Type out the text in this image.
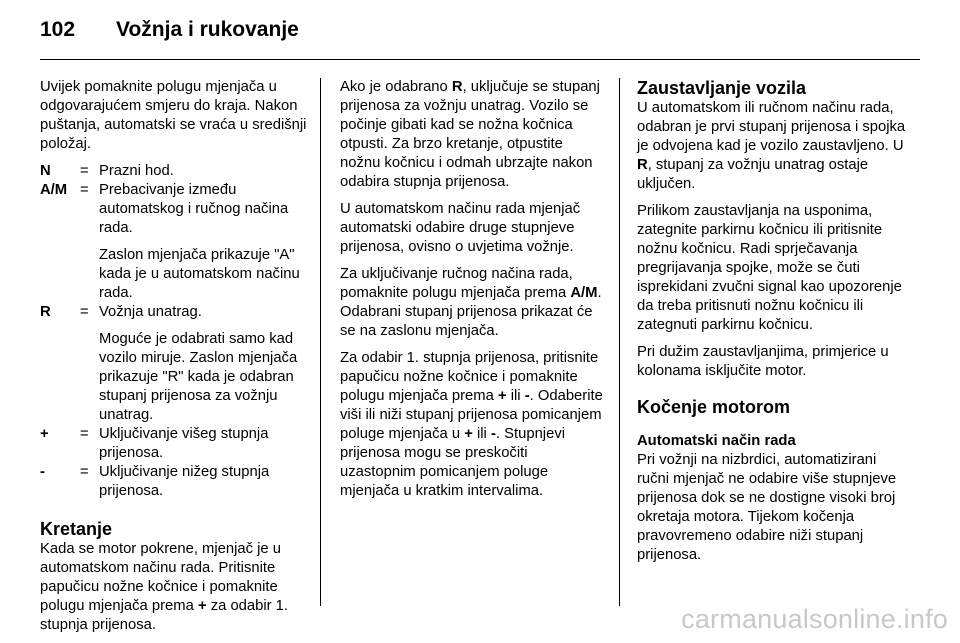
102 Vožnja i rukovanje

Uvijek pomaknite polugu mjenjača u odgovarajućem smjeru do kraja. Nakon puštanja, automatski se vraća u središnji položaj.

N	= Prazni hod.
A/M = Prebacivanje između automatskog i ručnog načina rada.
Zaslon mjenjača prikazuje "A" kada je u automatskom načinu rada.
R	= Vožnja unatrag.
Moguće je odabrati samo kad vozilo miruje. Zaslon mjenjača prikazuje "R" kada je odabran stupanj prijenosa za vožnju unatrag.
+	= Uključivanje višeg stupnja prijenosa.
-	= Uključivanje nižeg stupnja prijenosa.
Kretanje

Kada se motor pokrene, mjenjač je u automatskom načinu rada. Pritisnite papučicu nožne kočnice i pomaknite polugu mjenjača prema + za odabir 1. stupnja prijenosa.

Ako je odabrano R, uključuje se stupanj prijenosa za vožnju unatrag. Vozilo se počinje gibati kad se nožna kočnica otpusti. Za brzo kretanje, otpustite nožnu kočnicu i odmah ubrzajte nakon odabira stupnja prijenosa.

U automatskom načinu rada mjenjač automatski odabire druge stupnjeve prijenosa, ovisno o uvjetima vožnje.

Za uključivanje ručnog načina rada, pomaknite polugu mjenjača prema A/M. Odabrani stupanj prijenosa prikazat će se na zaslonu mjenjača.

Za odabir 1. stupnja prijenosa, pritisnite papučicu nožne kočnice i pomaknite polugu mjenjača prema + ili -. Odaberite viši ili niži stupanj prijenosa pomicanjem poluge mjenjača u + ili -. Stupnjevi prijenosa mogu se preskočiti uzastopnim pomicanjem poluge mjenjača u kratkim intervalima.

Zaustavljanje vozila

U automatskom ili ručnom načinu rada, odabran je prvi stupanj prijenosa i spojka je odvojena kad je vozilo zaustavljeno. U R, stupanj za vožnju unatrag ostaje uključen.

Prilikom zaustavljanja na usponima, zategnite parkirnu kočnicu ili pritisnite nožnu kočnicu. Radi sprječavanja pregrijavanja spojke, može se čuti isprekidani zvučni signal kao upozorenje da treba pritisnuti nožnu kočnicu ili zategnuti parkirnu kočnicu.

Pri dužim zaustavljanjima, primjerice u kolonama isključite motor.

Kočenje motorom
Automatski način rada

Pri vožnji na nizbrdici, automatizirani ručni mjenjač ne odabire više stupnjeve prijenosa dok se ne dostigne visoki broj okretaja motora. Tijekom kočenja pravovremeno odabire niži stupanj prijenosa.

carmanualsonline.info
